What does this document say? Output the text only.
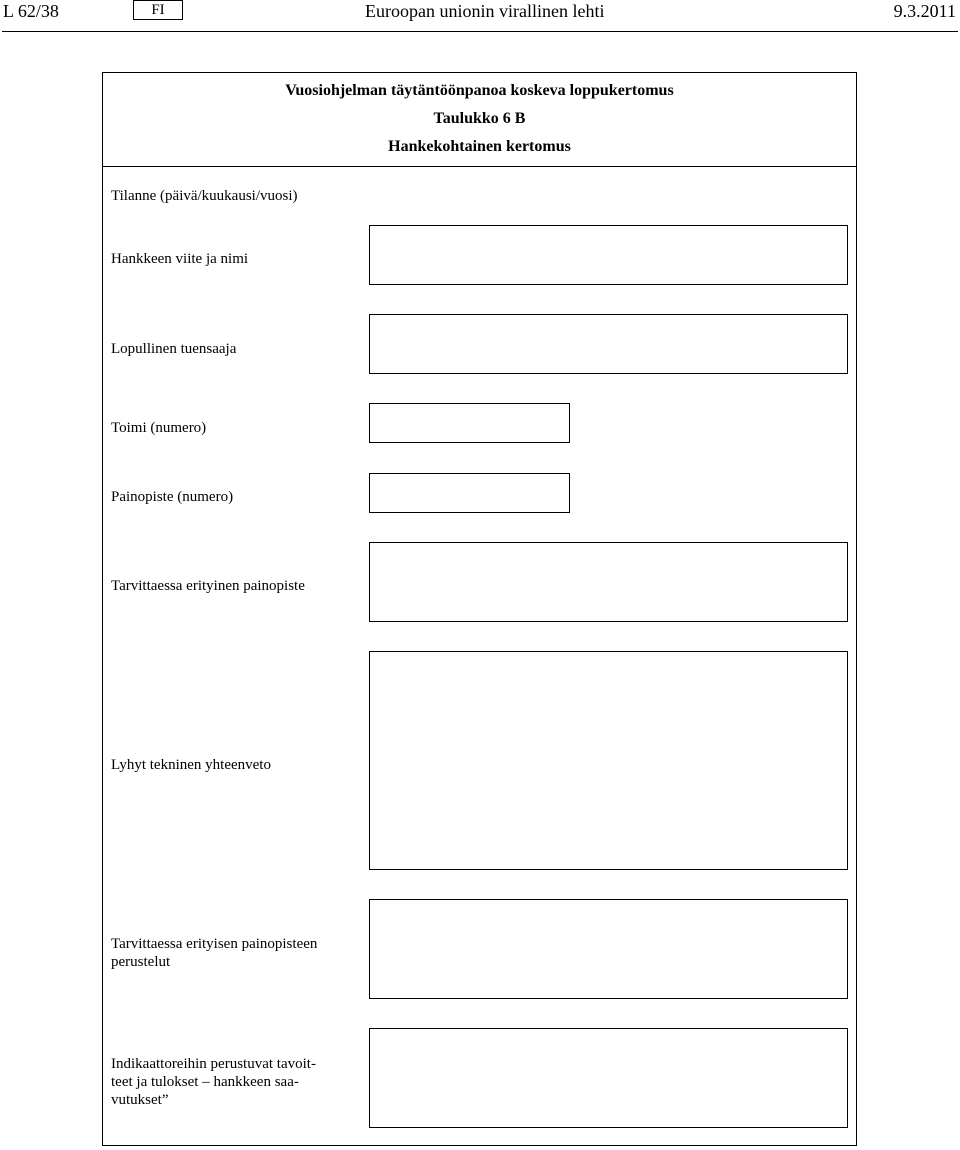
L 62/38	FI	Euroopan unionin virallinen lehti	9.3.2011
Vuosiohjelman täytäntöönpanoa koskeva loppukertomus
Taulukko 6 B
Hankekohtainen kertomus
Tilanne (päivä/kuukausi/vuosi)
Hankkeen viite ja nimi
Lopullinen tuensaaja
Toimi (numero)
Painopiste (numero)
Tarvittaessa erityinen painopiste
Lyhyt tekninen yhteenveto
Tarvittaessa erityisen painopisteen
perustelut
Indikaattoreihin perustuvat tavoit-
teet ja tulokset – hankkeen saa-
vutukset”
